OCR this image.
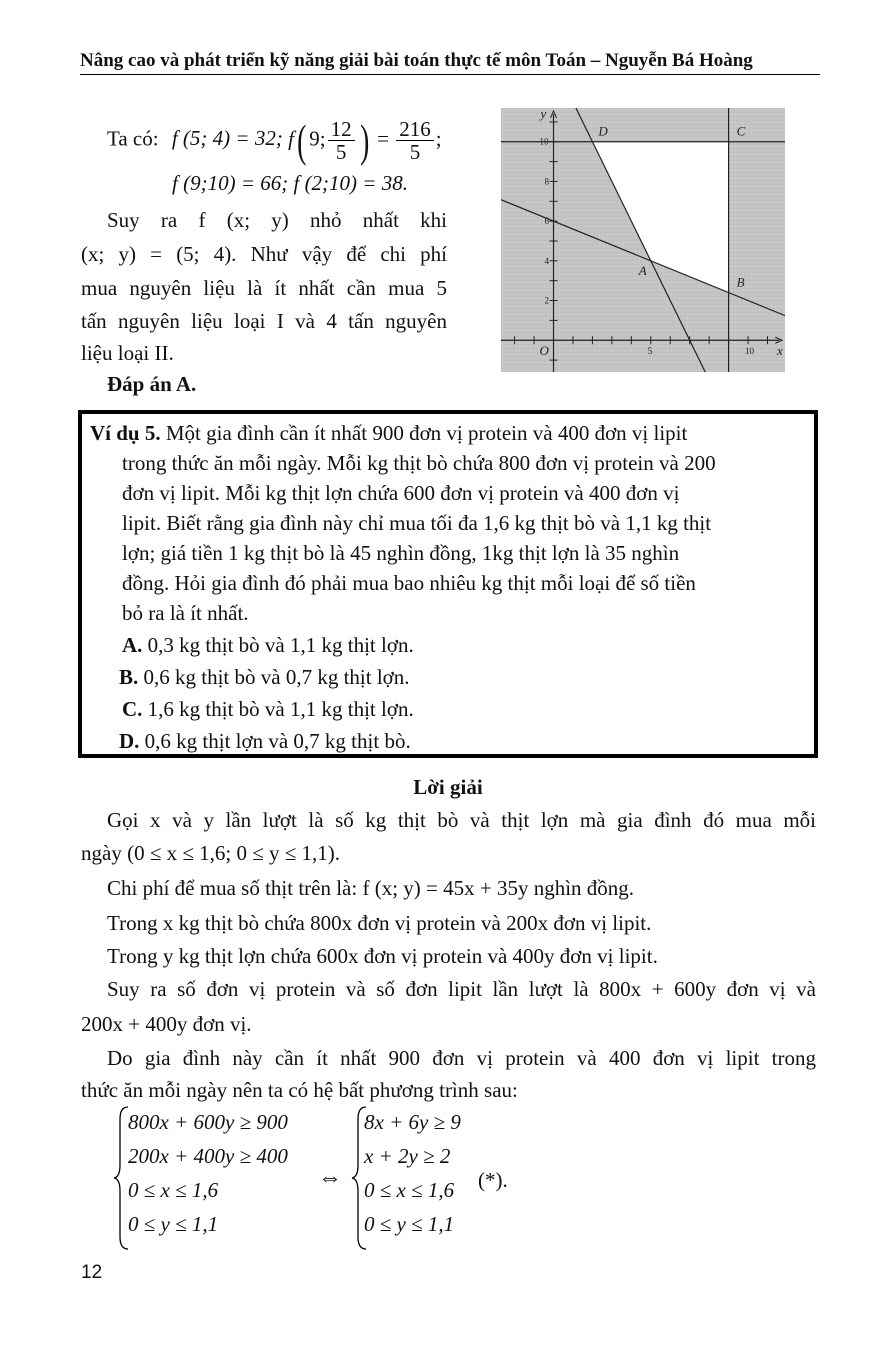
Nâng cao và phát triển kỹ năng giải bài toán thực tế môn Toán – Nguyễn Bá Hoàng
Ta có: f (5; 4) = 32; f( 9; $\frac{12}{5}$ ) = $\frac{216}{5}$ ;
f (9;10) = 66; f (2;10) = 38.
Suy ra f (x; y) nhỏ nhất khi
(x; y) = (5; 4). Như vậy để chi phí
mua nguyên liệu là ít nhất cần mua 5
tấn nguyên liệu loại I và 4 tấn nguyên
liệu loại II.
Đáp án A.
5	10
2
4
6
8
10
O	x
y
A
B
C
D
Ví dụ 5. Một gia đình cần ít nhất 900 đơn vị protein và 400 đơn vị lipit
trong thức ăn mỗi ngày. Mỗi kg thịt bò chứa 800 đơn vị protein và 200
đơn vị lipit. Mỗi kg thịt lợn chứa 600 đơn vị protein và 400 đơn vị
lipit. Biết rằng gia đình này chỉ mua tối đa 1,6 kg thịt bò và 1,1 kg thịt
lợn; giá tiền 1 kg thịt bò là 45 nghìn đồng, 1kg thịt lợn là 35 nghìn
đồng. Hỏi gia đình đó phải mua bao nhiêu kg thịt mỗi loại để số tiền
bỏ ra là ít nhất.
A. 0,3 kg thịt bò và 1,1 kg thịt lợn.
B. 0,6 kg thịt bò và 0,7 kg thịt lợn.
C. 1,6 kg thịt bò và 1,1 kg thịt lợn.
D. 0,6 kg thịt lợn và 0,7 kg thịt bò.
Lời giải
Gọi x và y lần lượt là số kg thịt bò và thịt lợn mà gia đình đó mua mỗi
ngày (0 ≤ x ≤ 1,6; 0 ≤ y ≤ 1,1).
Chi phí để mua số thịt trên là: f (x; y) = 45x + 35y nghìn đồng.
Trong x kg thịt bò chứa 800x đơn vị protein và 200x đơn vị lipit.
Trong y kg thịt lợn chứa 600x đơn vị protein và 400y đơn vị lipit.
Suy ra số đơn vị protein và số đơn lipit lần lượt là 800x + 600y đơn vị và
200x + 400y đơn vị.
Do gia đình này cần ít nhất 900 đơn vị protein và 400 đơn vị lipit trong
thức ăn mỗi ngày nên ta có hệ bất phương trình sau:
800x + 600y ≥ 900
200x + 400y ≥ 400
0 ≤ x ≤ 1,6
0 ≤ y ≤ 1,1
⇔
8x + 6y ≥ 9
x + 2y ≥ 2
0 ≤ x ≤ 1,6
0 ≤ y ≤ 1,1
(*).
12
